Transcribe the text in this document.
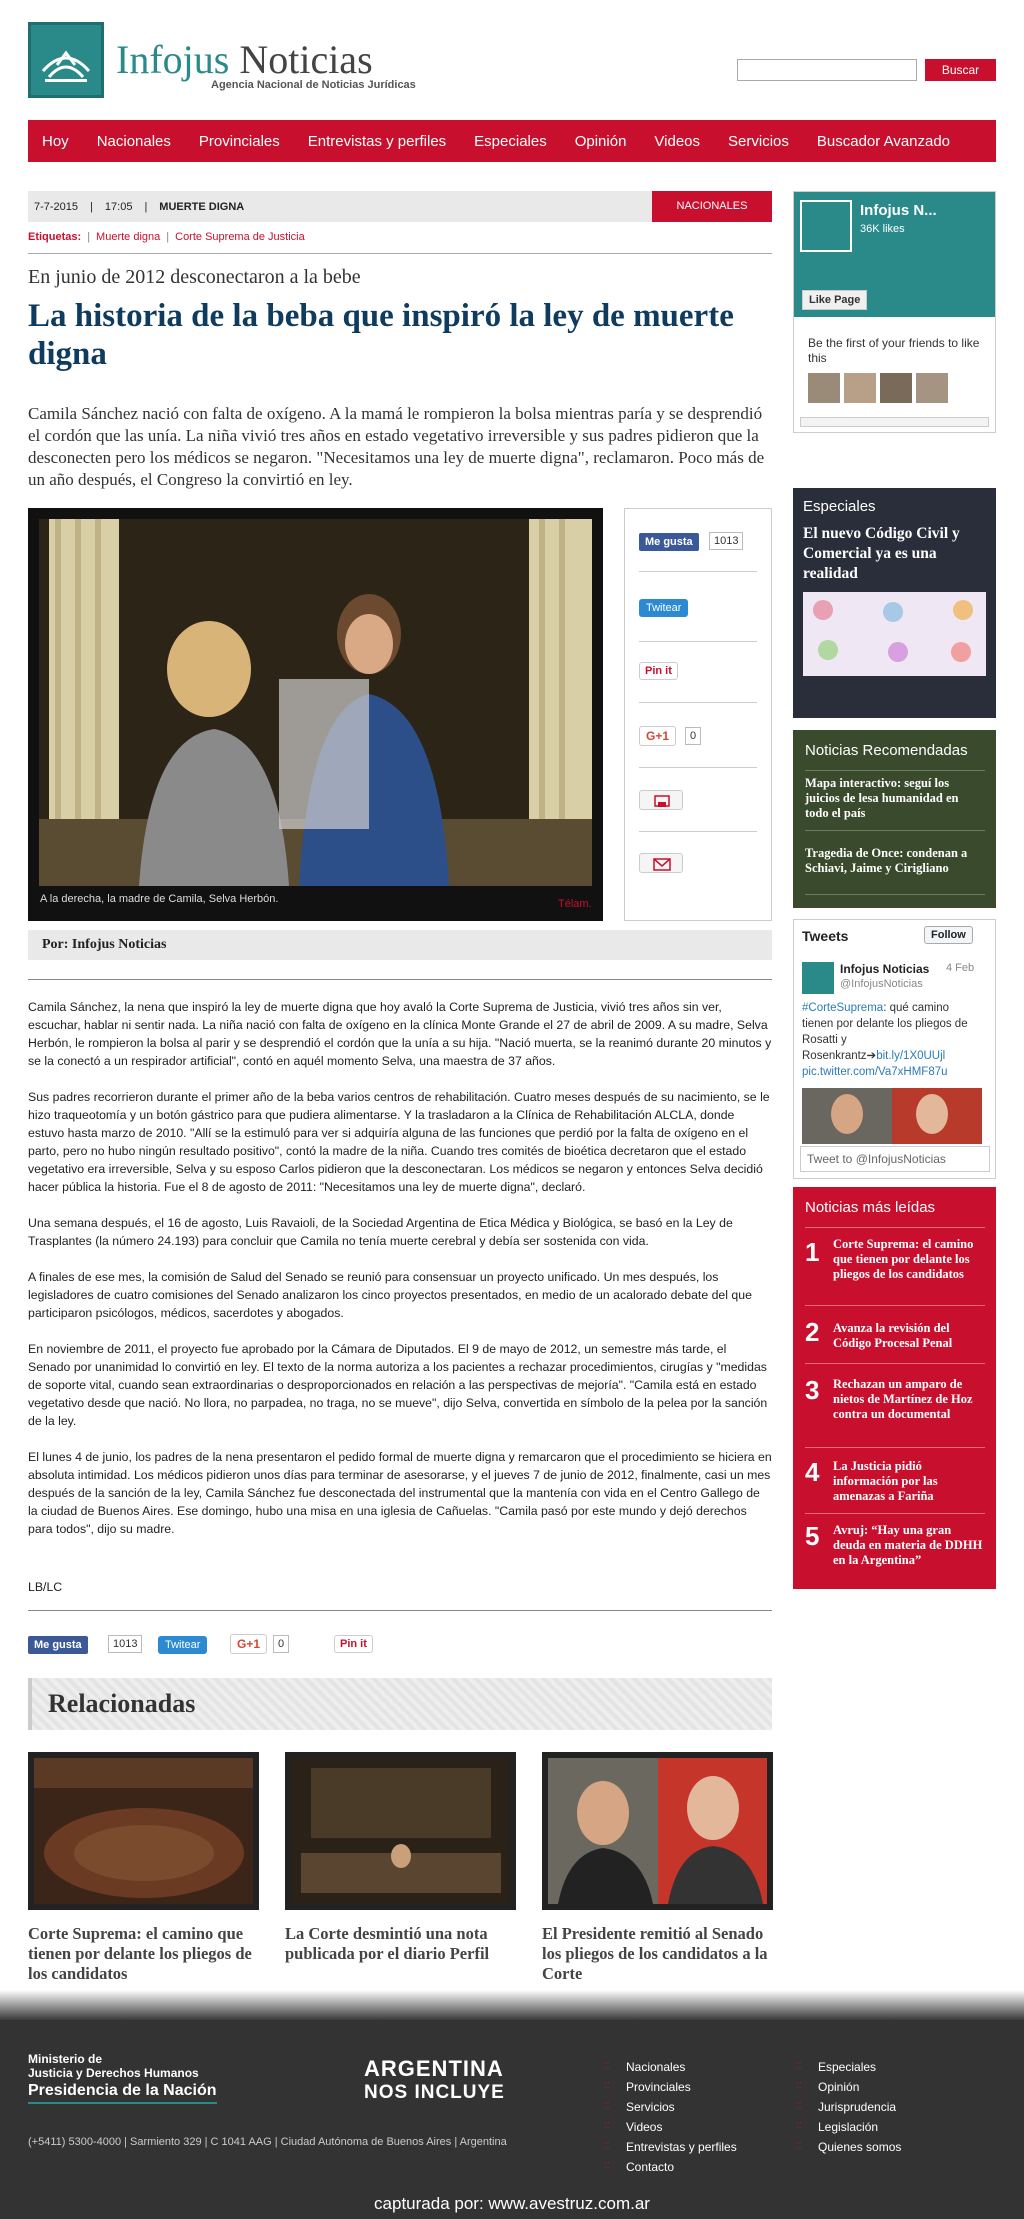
Infojus Noticias
Agencia Nacional de Noticias Jurídicas
Buscar
Hoy	Nacionales	Provinciales	Entrevistas y perfiles	Especiales	Opinión	Videos	Servicios	Buscador Avanzado
7-7-2015	|	17:05	|	MUERTE DIGNA	NACIONALES
Etiquetas: | Muerte digna | Corte Suprema de Justicia
En junio de 2012 desconectaron a la bebe
La historia de la beba que inspiró la ley de muerte digna
Camila Sánchez nació con falta de oxígeno. A la mamá le rompieron la bolsa mientras paría y se desprendió el cordón que las unía. La niña vivió tres años en estado vegetativo irreversible y sus padres pidieron que la desconecten pero los médicos se negaron. "Necesitamos una ley de muerte digna", reclamaron. Poco más de un año después, el Congreso la convirtió en ley.
A la derecha, la madre de Camila, Selva Herbón.	Télam.
Me gusta	1013
Twitear
Pin it
G+1	0
Por: Infojus Noticias

Camila Sánchez, la nena que inspiró la ley de muerte digna que hoy avaló la Corte Suprema de Justicia, vivió tres años sin ver, escuchar, hablar ni sentir nada. La niña nació con falta de oxígeno en la clínica Monte Grande el 27 de abril de 2009. A su madre, Selva Herbón, le rompieron la bolsa al parir y se desprendió el cordón que la unía a su hija. "Nació muerta, se la reanimó durante 20 minutos y se la conectó a un respirador artificial", contó en aquél momento Selva, una maestra de 37 años.

Sus padres recorrieron durante el primer año de la beba varios centros de rehabilitación. Cuatro meses después de su nacimiento, se le hizo traqueotomía y un botón gástrico para que pudiera alimentarse. Y la trasladaron a la Clínica de Rehabilitación ALCLA, donde estuvo hasta marzo de 2010. "Allí se la estimuló para ver si adquiría alguna de las funciones que perdió por la falta de oxígeno en el parto, pero no hubo ningún resultado positivo", contó la madre de la niña. Cuando tres comités de bioética decretaron que el estado vegetativo era irreversible, Selva y su esposo Carlos pidieron que la desconectaran. Los médicos se negaron y entonces Selva decidió hacer pública la historia. Fue el 8 de agosto de 2011: "Necesitamos una ley de muerte digna", declaró.

Una semana después, el 16 de agosto, Luis Ravaioli, de la Sociedad Argentina de Etica Médica y Biológica, se basó en la Ley de Trasplantes (la número 24.193) para concluir que Camila no tenía muerte cerebral y debía ser sostenida con vida.

A finales de ese mes, la comisión de Salud del Senado se reunió para consensuar un proyecto unificado. Un mes después, los legisladores de cuatro comisiones del Senado analizaron los cinco proyectos presentados, en medio de un acalorado debate del que participaron psicólogos, médicos, sacerdotes y abogados.

En noviembre de 2011, el proyecto fue aprobado por la Cámara de Diputados. El 9 de mayo de 2012, un semestre más tarde, el Senado por unanimidad lo convirtió en ley. El texto de la norma autoriza a los pacientes a rechazar procedimientos, cirugías y "medidas de soporte vital, cuando sean extraordinarias o desproporcionados en relación a las perspectivas de mejoría". "Camila está en estado vegetativo desde que nació. No llora, no parpadea, no traga, no se mueve", dijo Selva, convertida en símbolo de la pelea por la sanción de la ley.

El lunes 4 de junio, los padres de la nena presentaron el pedido formal de muerte digna y remarcaron que el procedimiento se hiciera en absoluta intimidad. Los médicos pidieron unos días para terminar de asesorarse, y el jueves 7 de junio de 2012, finalmente, casi un mes después de la sanción de la ley, Camila Sánchez fue desconectada del instrumental que la mantenía con vida en el Centro Gallego de la ciudad de Buenos Aires. Ese domingo, hubo una misa en una iglesia de Cañuelas. "Camila pasó por este mundo y dejó derechos para todos", dijo su madre.

LB/LC
Me gusta	1013	Twitear	G+1	0	Pin it
Relacionadas
Corte Suprema: el camino que tienen por delante los pliegos de los candidatos
La Corte desmintió una nota publicada por el diario Perfil
El Presidente remitió al Senado los pliegos de los candidatos a la Corte
Infojus N...
36K likes
Like Page
Be the first of your friends to like this
Especiales
El nuevo Código Civil y Comercial ya es una realidad
Noticias Recomendadas
Mapa interactivo: seguí los juicios de lesa humanidad en todo el país
Tragedia de Once: condenan a Schiavi, Jaime y Cirigliano
Tweets	Follow
Infojus Noticias
@InfojusNoticias
4 Feb
#CorteSuprema: qué camino tienen por delante los pliegos de Rosatti y Rosenkrantz➔bit.ly/1X0UUjl pic.twitter.com/Va7xHMF87u
Tweet to @InfojusNoticias
Noticias más leídas
1 Corte Suprema: el camino que tienen por delante los pliegos de los candidatos
2 Avanza la revisión del Código Procesal Penal
3 Rechazan un amparo de nietos de Martínez de Hoz contra un documental
4 La Justicia pidió información por las amenazas a Fariña
5 Avruj: “Hay una gran deuda en materia de DDHH en la Argentina”
Ministerio de
Justicia y Derechos Humanos
Presidencia de la Nación
ARGENTINA
NOS INCLUYE
(+5411) 5300-4000 | Sarmiento 329 | C 1041 AAG | Ciudad Autónoma de Buenos Aires | Argentina
:: Nacionales
:: Provinciales
:: Servicios
:: Videos
:: Entrevistas y perfiles
:: Contacto
:: Especiales
:: Opinión
:: Jurisprudencia
:: Legislación
:: Quienes somos
capturada por: www.avestruz.com.ar
